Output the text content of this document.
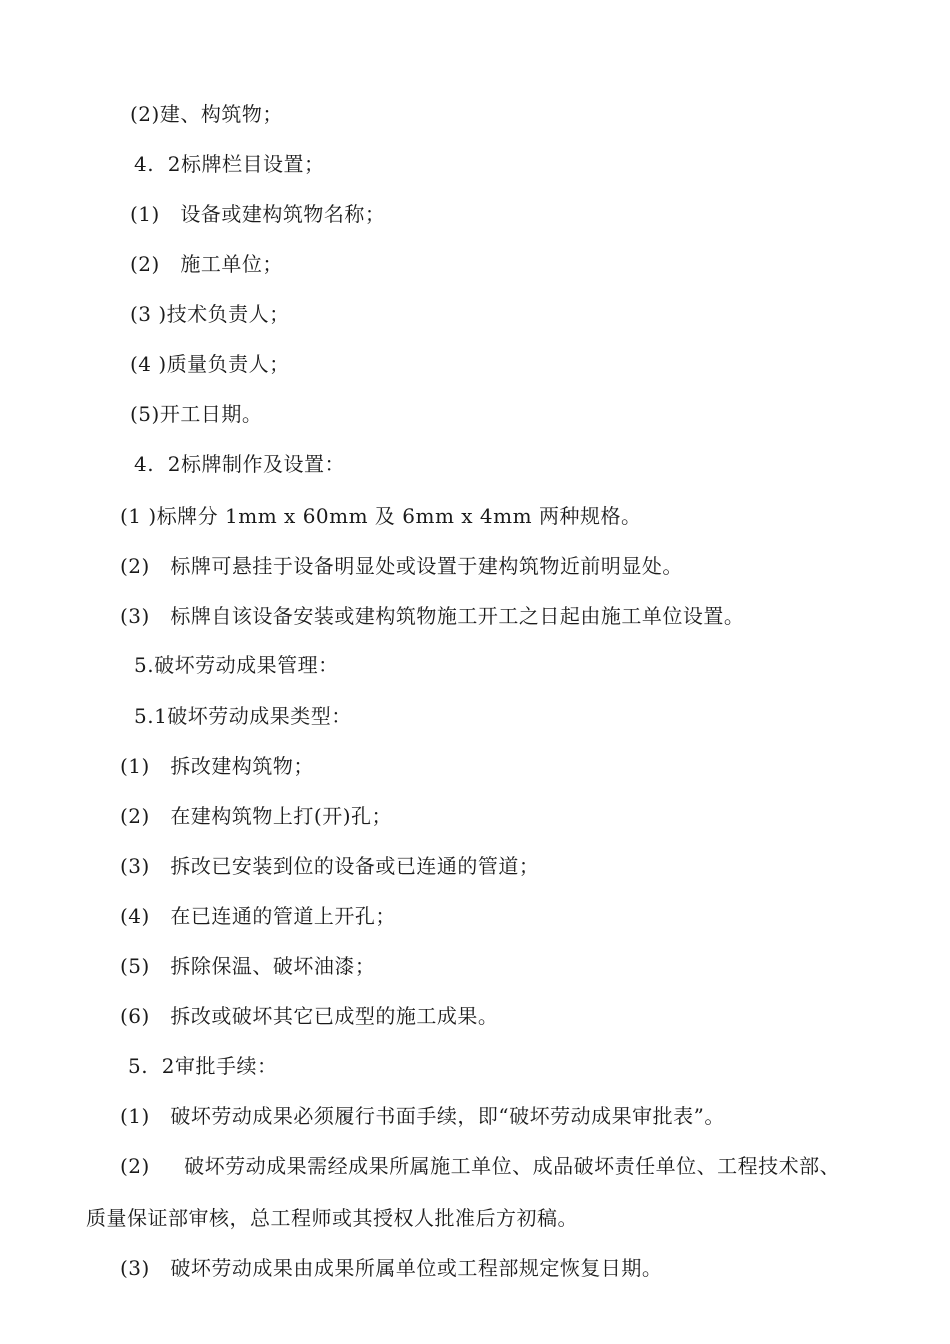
(2)建、构筑物；
4.  2标牌栏目设置；
(1)   设备或建构筑物名称；
(2)   施工单位；
(3 )技术负责人；
(4 )质量负责人；
(5)开工日期。
4.  2标牌制作及设置：
(1 )标牌分 1mm x 60mm 及 6mm x 4mm 两种规格。
(2)   标牌可悬挂于设备明显处或设置于建构筑物近前明显处。
(3)   标牌自该设备安装或建构筑物施工开工之日起由施工单位设置。
5.破坏劳动成果管理：
5.1破坏劳动成果类型：
(1)   拆改建构筑物；
(2)   在建构筑物上打(开)孔；
(3)   拆改已安装到位的设备或已连通的管道；
(4)   在已连通的管道上开孔；
(5)   拆除保温、破坏油漆；
(6)   拆改或破坏其它已成型的施工成果。
5.  2审批手续：
(1)   破坏劳动成果必须履行书面手续，即“破坏劳动成果审批表”。
(2)     破坏劳动成果需经成果所属施工单位、成品破坏责任单位、工程技术部、
质量保证部审核，总工程师或其授权人批准后方初稿。
(3)   破坏劳动成果由成果所属单位或工程部规定恢复日期。
